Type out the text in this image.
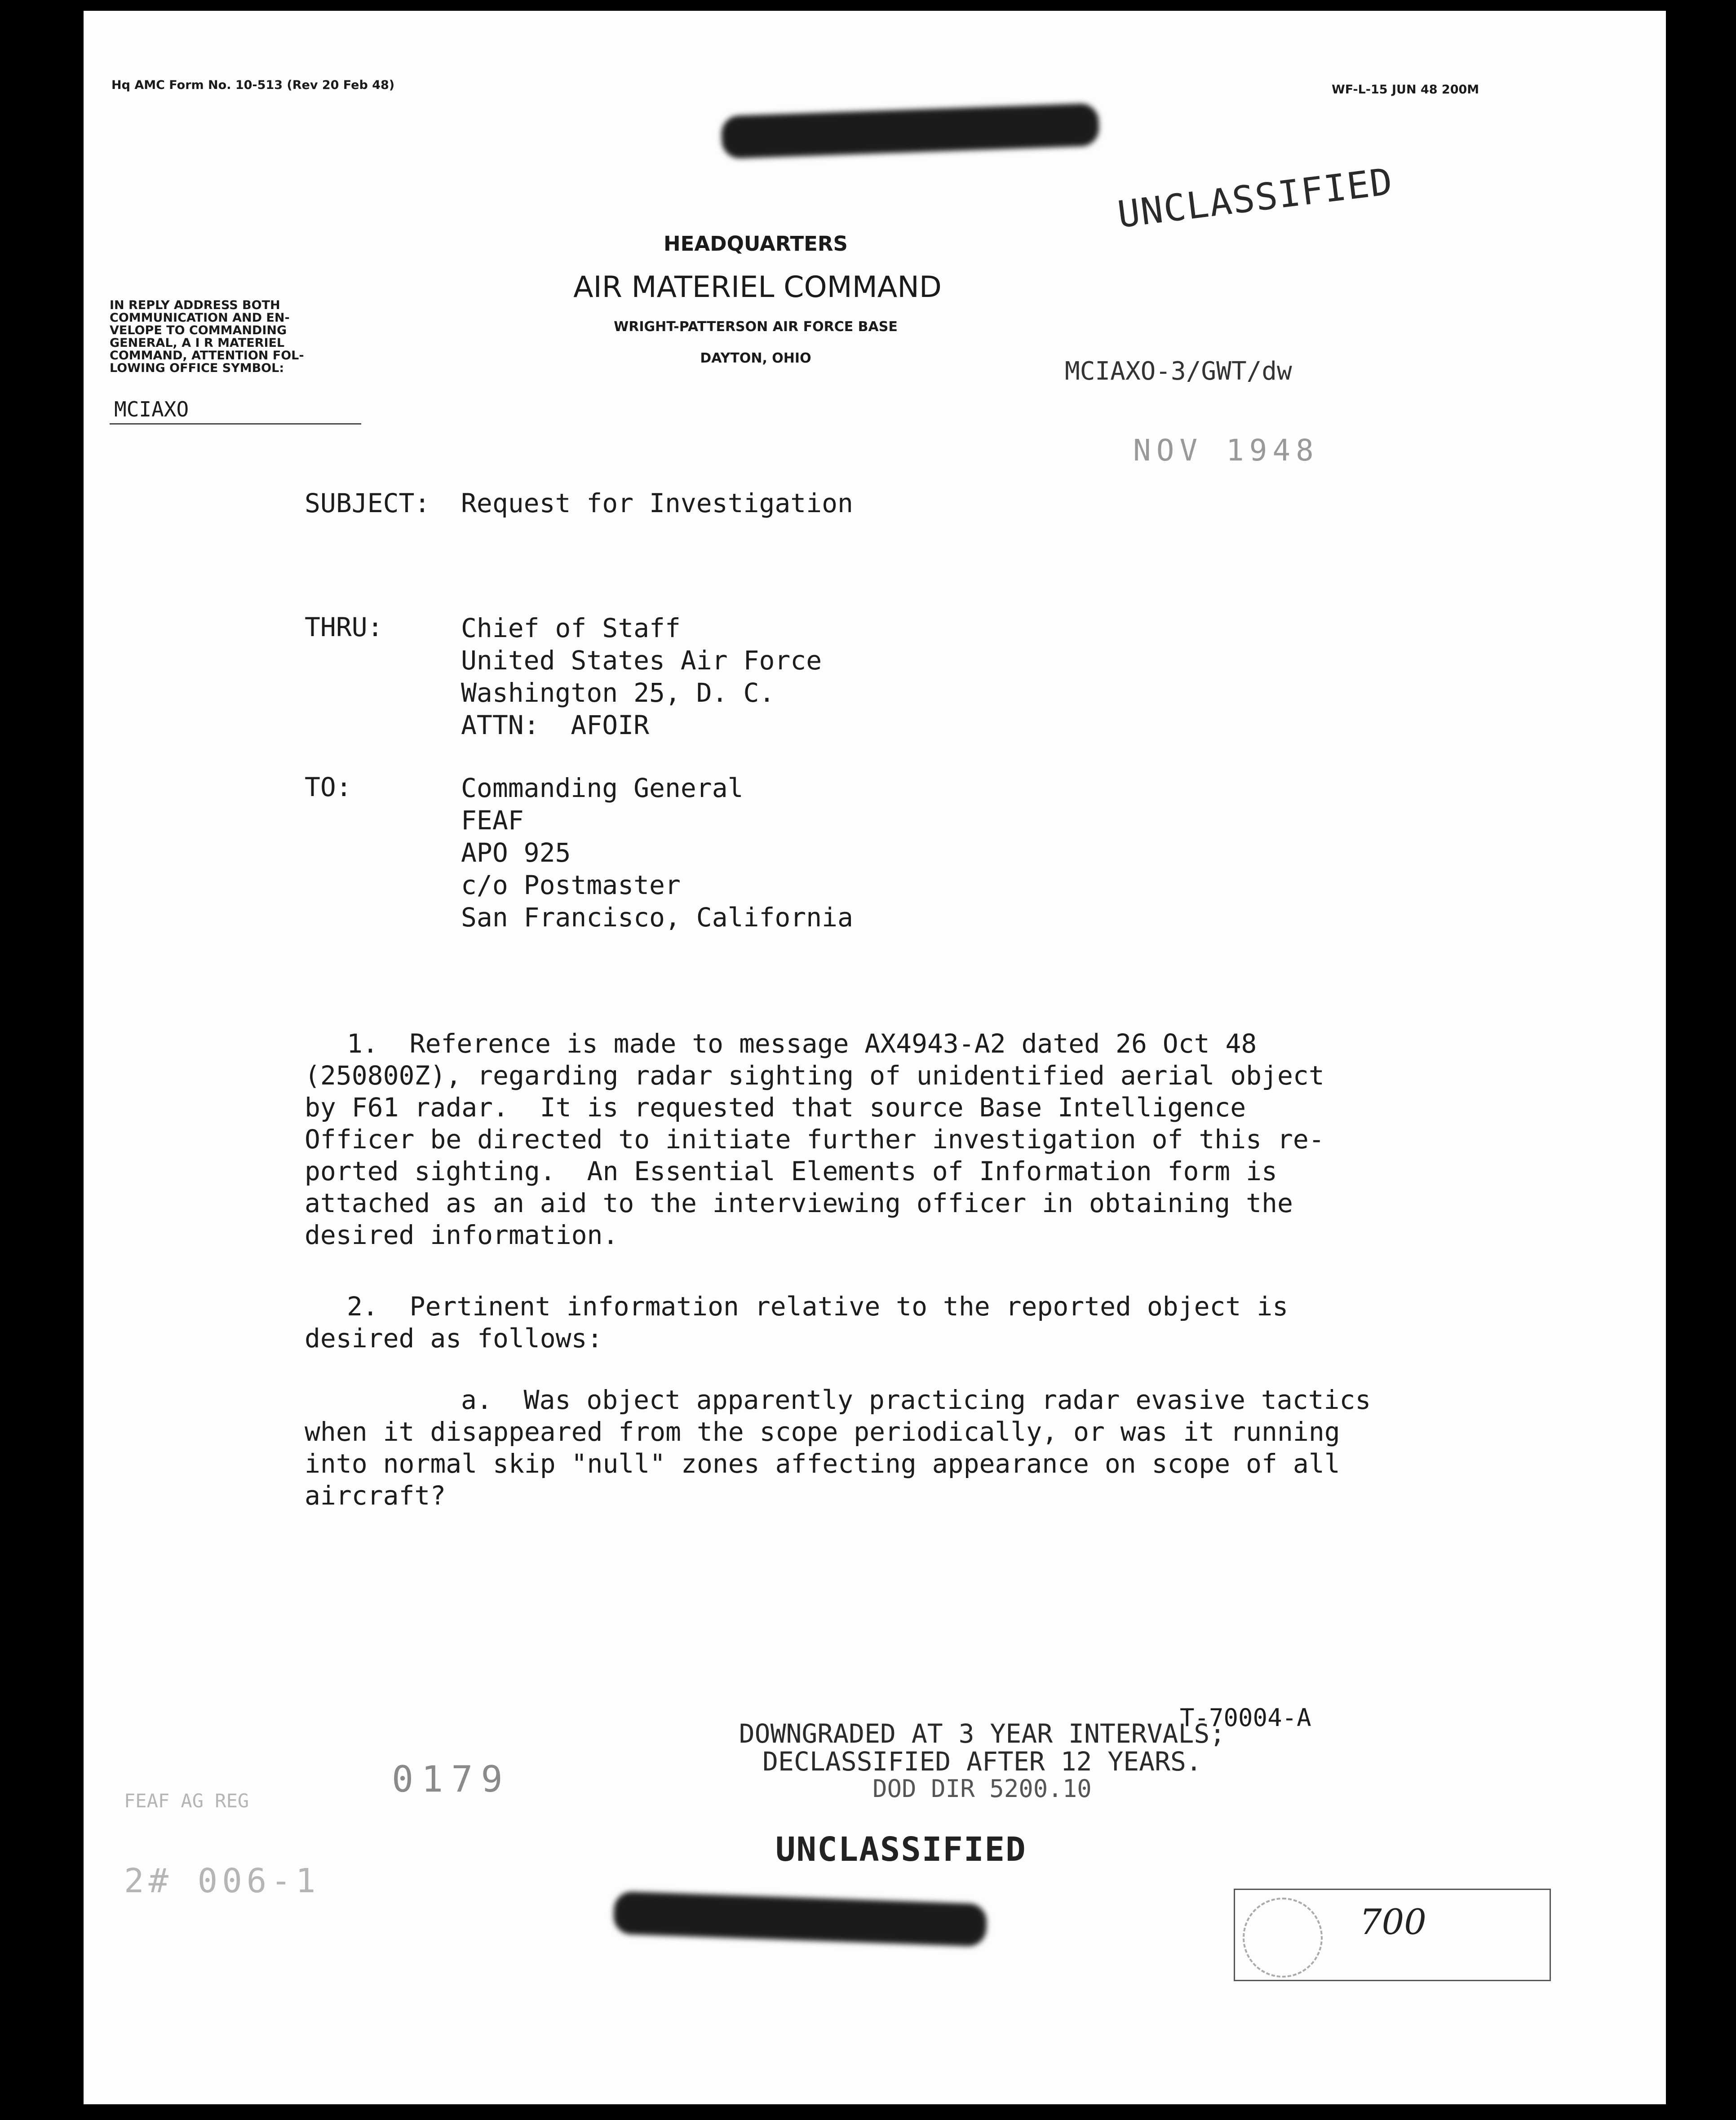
Hq AMC Form No. 10-513 (Rev 20 Feb 48)	WF-L-15 JUN 48 200M
UNCLASSIFIED
HEADQUARTERS
AIR MATERIEL COMMAND
WRIGHT-PATTERSON AIR FORCE BASE
DAYTON, OHIO
IN REPLY ADDRESS BOTH
COMMUNICATION AND EN-
VELOPE TO COMMANDING
GENERAL, A I R MATERIEL
COMMAND, ATTENTION FOL-
LOWING OFFICE SYMBOL:
MCIAXO
MCIAXO-3/GWT/dw
NOV 1948
SUBJECT: Request for Investigation
THRU:	Chief of Staff
United States Air Force
Washington 25, D. C.
ATTN:  AFOIR
TO:	Commanding General
FEAF
APO 925
c/o Postmaster
San Francisco, California
1.  Reference is made to message AX4943-A2 dated 26 Oct 48
(250800Z), regarding radar sighting of unidentified aerial object
by F61 radar.  It is requested that source Base Intelligence
Officer be directed to initiate further investigation of this re-
ported sighting.  An Essential Elements of Information form is
attached as an aid to the interviewing officer in obtaining the
desired information.
2.  Pertinent information relative to the reported object is
desired as follows:
a.  Was object apparently practicing radar evasive tactics
when it disappeared from the scope periodically, or was it running
into normal skip "null" zones affecting appearance on scope of all
aircraft?
T-70004-A
DOWNGRADED AT 3 YEAR INTERVALS;
DECLASSIFIED AFTER 12 YEARS.
DOD DIR 5200.10
0179
FEAF AG REG
2# 006-1
UNCLASSIFIED
700
